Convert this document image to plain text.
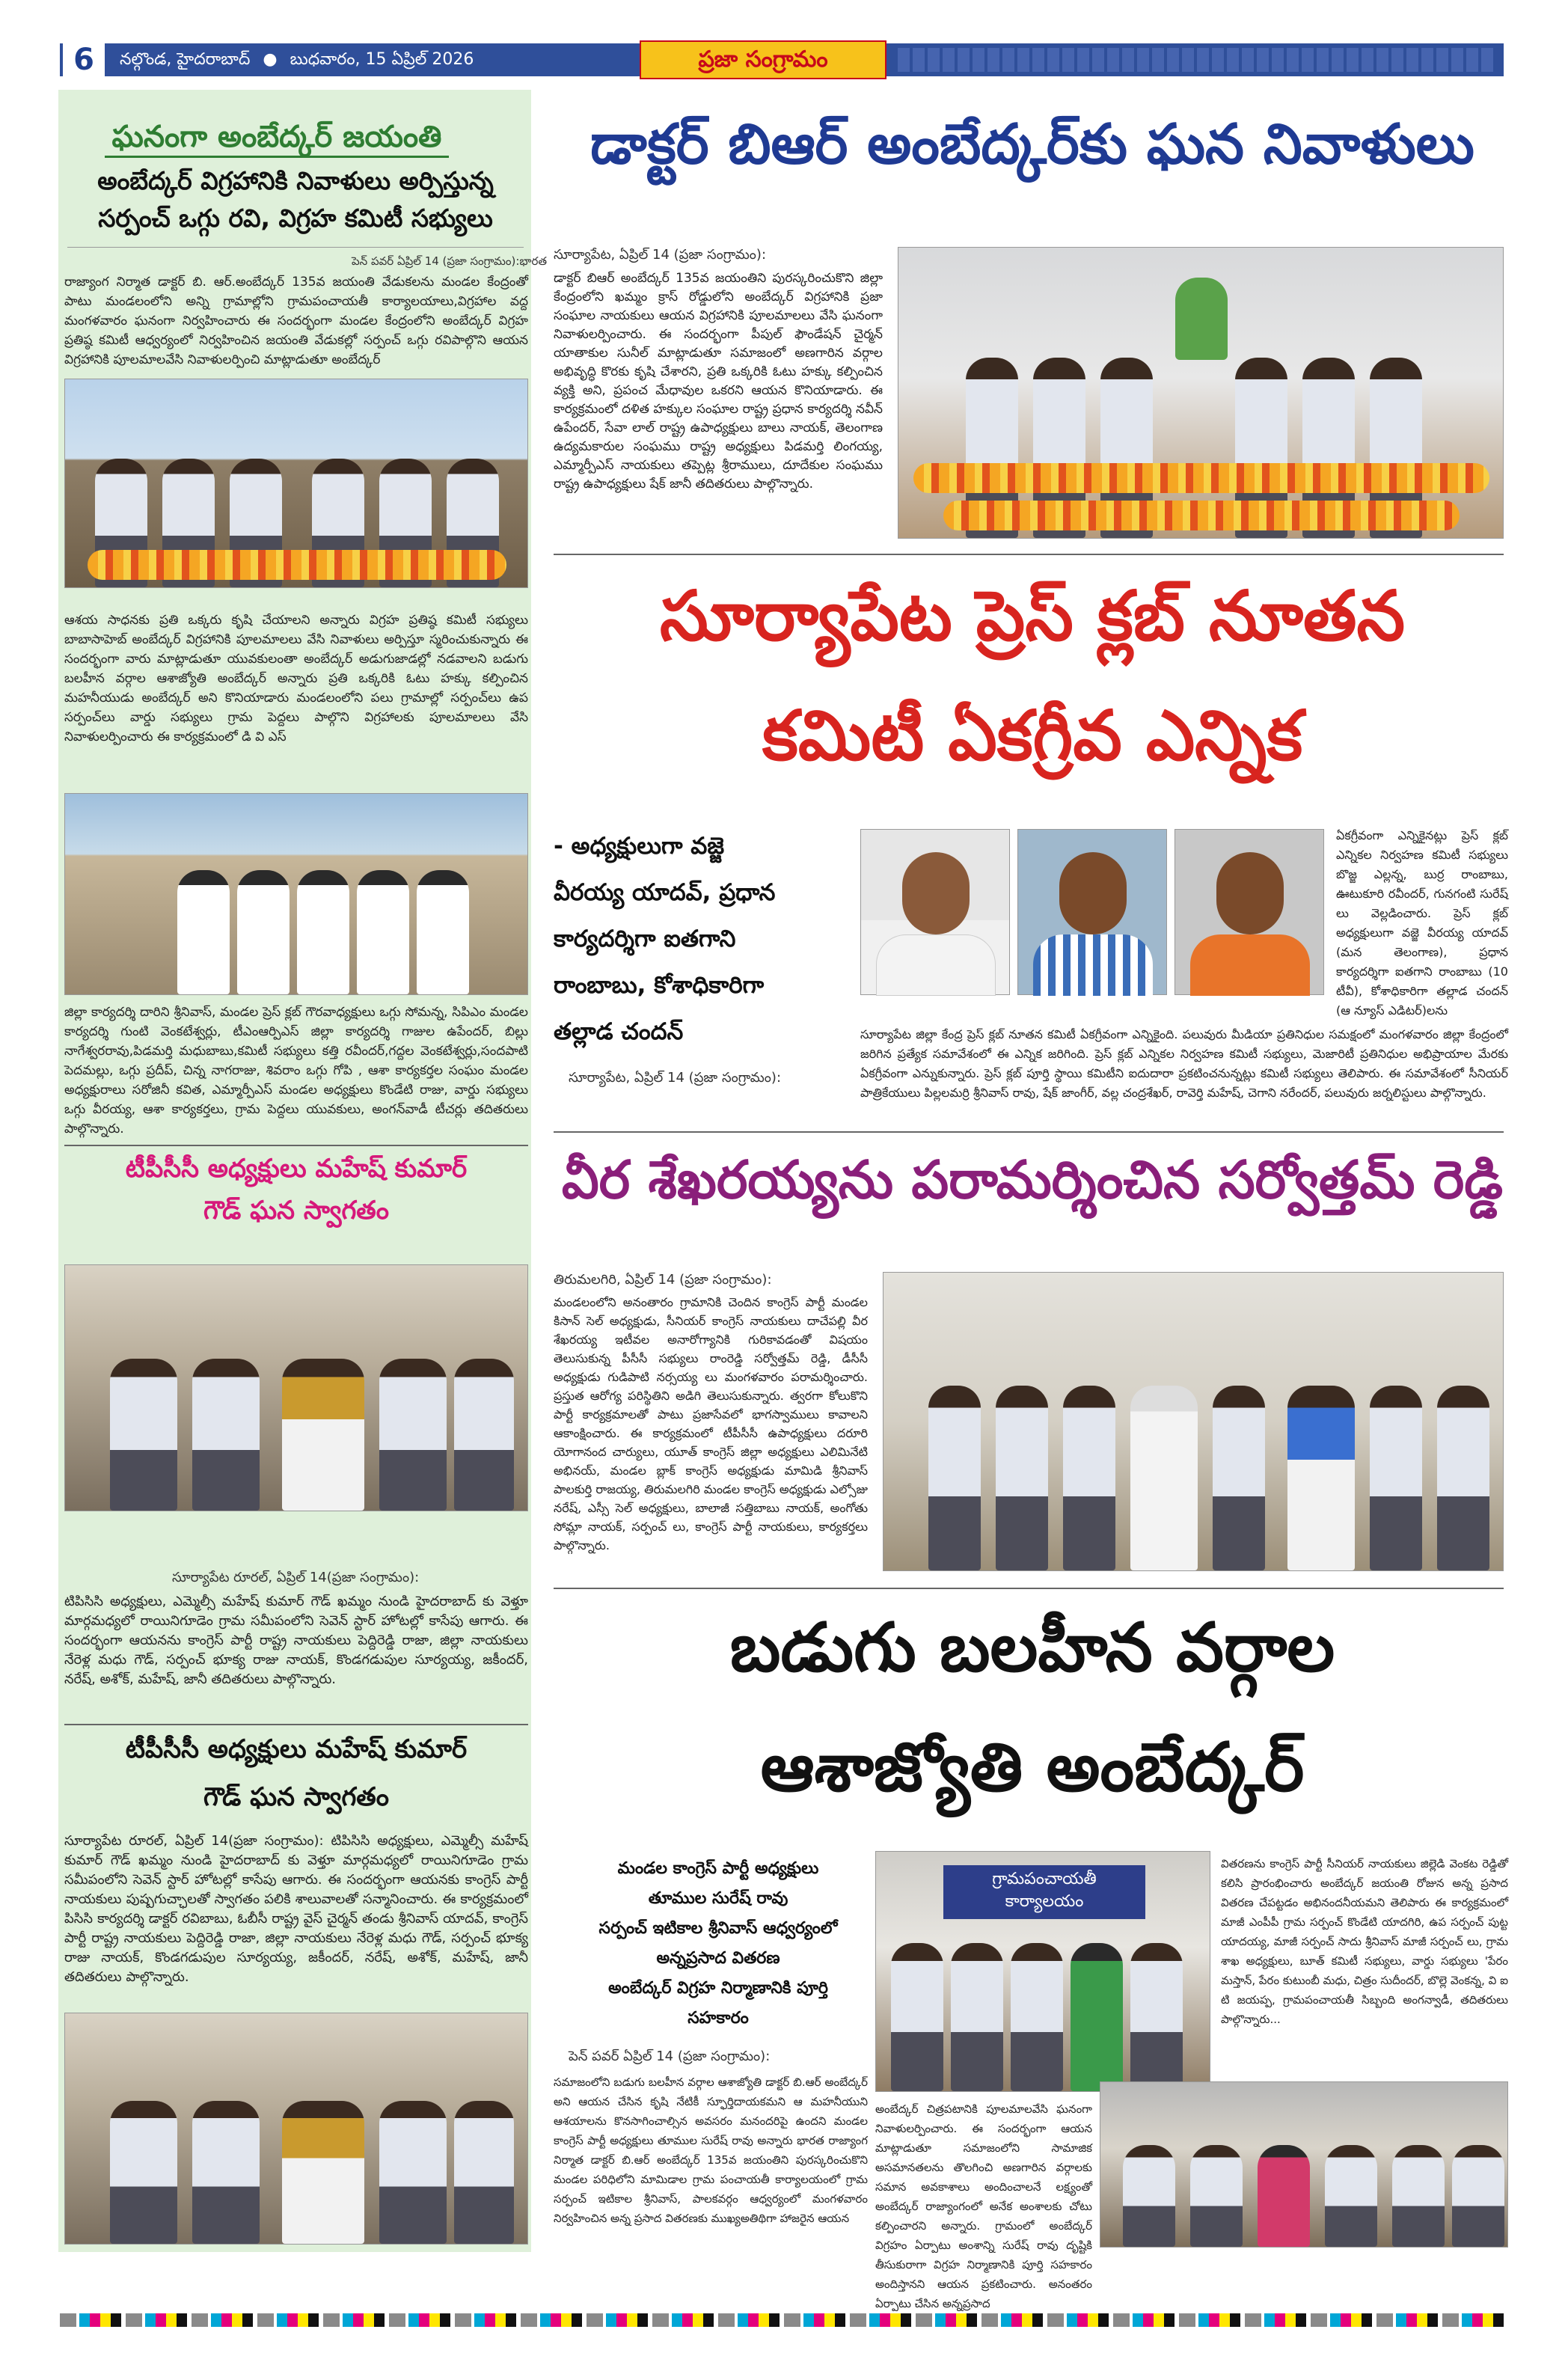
6	నల్గొండ, హైదరాబాద్ ● బుధవారం, 15 ఏప్రిల్ 2026	ప్రజా సంగ్రామం
ఘనంగా అంబేద్కర్ జయంతి
అంబేద్కర్ విగ్రహానికి నివాళులు అర్పిస్తున్న
సర్పంచ్ ఒగ్గు రవి, విగ్రహ కమిటీ సభ్యులు
పెన్ పవర్ ఏప్రిల్ 14 (ప్రజా సంగ్రామం):భారత
రాజ్యాంగ నిర్మాత డాక్టర్ బి. ఆర్.అంబేద్కర్ 135వ జయంతి వేడుకలను మండల కేంద్రంతో పాటు మండలంలోని అన్ని గ్రామాల్లోని గ్రామపంచాయతీ కార్యాలయాలు,విగ్రహాల వద్ద మంగళవారం ఘనంగా నిర్వహించారు ఈ సందర్భంగా మండల కేంద్రంలోని అంబేద్కర్ విగ్రహ ప్రతిష్ఠ కమిటీ ఆధ్వర్యంలో నిర్వహించిన జయంతి వేడుకల్లో సర్పంచ్ ఒగ్గు రవిపాల్గొని ఆయన విగ్రహానికి పూలమాలవేసి నివాళులర్పించి మాట్లాడుతూ అంబేద్కర్
ఆశయ సాధనకు ప్రతి ఒక్కరు కృషి చేయాలని అన్నారు విగ్రహ ప్రతిష్ఠ కమిటీ సభ్యులు బాబాసాహెబ్ అంబేద్కర్ విగ్రహానికి పూలమాలలు వేసి నివాళులు అర్పిస్తూ స్మరించుకున్నారు ఈ సందర్భంగా వారు మాట్లాడుతూ యువకులంతా అంబేద్కర్ అడుగుజాడల్లో నడవాలని బడుగు బలహీన వర్గాల ఆశాజ్యోతి అంబేద్కర్ అన్నారు ప్రతి ఒక్కరికి ఓటు హక్కు కల్పించిన మహనీయుడు అంబేద్కర్ అని కొనియాడారు మండలంలోని పలు గ్రామాల్లో సర్పంచ్‌లు ఉప సర్పంచ్‌లు వార్డు సభ్యులు గ్రామ పెద్దలు పాల్గొని విగ్రహాలకు పూలమాలలు వేసి నివాళులర్పించారు ఈ కార్యక్రమంలో డి వి ఎస్
జిల్లా కార్యదర్శి దారిని శ్రీనివాస్, మండల ప్రెస్ క్లబ్ గౌరవాధ్యక్షులు ఒగ్గు సోమన్న, సిపిఎం మండల కార్యదర్శి గుంటి వెంకటేశ్వర్లు, టీఎంఆర్పిఎస్ జిల్లా కార్యదర్శి గాజుల ఉపేందర్, బిల్లు నాగేశ్వరరావు,పిడమర్తి మధుబాబు,కమిటీ సభ్యులు కత్తి రవీందర్,గద్దల వెంకటేశ్వర్లు,సందపాటి పెదమల్లు, ఒగ్గు ప్రదీప్, చిన్న నాగరాజు, శివరాం ఒగ్గు గోపి , ఆశా కార్యకర్తల సంఘం మండల అధ్యక్షురాలు సరోజినీ కవిత, ఎమ్మార్పీఎస్ మండల అధ్యక్షులు కొండేటి రాజు, వార్డు సభ్యులు ఒగ్గు వీరయ్య, ఆశా కార్యకర్తలు, గ్రామ పెద్దలు యువకులు, అంగన్‌వాడీ టీచర్లు తదితరులు పాల్గొన్నారు.
టీపీసీసీ అధ్యక్షులు మహేష్ కుమార్
గౌడ్ ఘన స్వాగతం
సూర్యాపేట రూరల్, ఏప్రిల్ 14(ప్రజా సంగ్రామం):
టిపిసిసి అధ్యక్షులు, ఎమ్మెల్సీ మహేష్ కుమార్ గౌడ్ ఖమ్మం నుండి హైదరాబాద్ కు వెళ్తూ మార్గమధ్యలో రాయినిగూడెం గ్రామ సమీపంలోని సెవెన్ స్టార్ హోటల్లో కాసేపు ఆగారు. ఈ సందర్భంగా ఆయనను కాంగ్రెస్ పార్టీ రాష్ట్ర నాయకులు పెద్దిరెడ్డి రాజా, జిల్లా నాయకులు నేరెళ్ల మధు గౌడ్, సర్పంచ్ భూక్య రాజు నాయక్, కొండగడుపుల సూర్యయ్య, జకీందర్, నరేష్, అశోక్, మహేష్, జానీ తదితరులు పాల్గొన్నారు.
టీపీసీసీ అధ్యక్షులు మహేష్ కుమార్
గౌడ్ ఘన స్వాగతం
సూర్యాపేట రూరల్, ఏప్రిల్ 14(ప్రజా సంగ్రామం): టిపిసిసి అధ్యక్షులు, ఎమ్మెల్సీ మహేష్ కుమార్ గౌడ్ ఖమ్మం నుండి హైదరాబాద్ కు వెళ్తూ మార్గమధ్యలో రాయినిగూడెం గ్రామ సమీపంలోని సెవెన్ స్టార్ హోటల్లో కాసేపు ఆగారు. ఈ సందర్భంగా ఆయనకు కాంగ్రెస్ పార్టీ నాయకులు పుష్పగుచ్ఛాలతో స్వాగతం పలికి శాలువాలతో సన్మానించారు. ఈ కార్యక్రమంలో పిసిసి కార్యదర్శి డాక్టర్ రవిబాబు, ఓబీసీ రాష్ట్ర వైస్ చైర్మన్ తండు శ్రీనివాస్ యాదవ్, కాంగ్రెస్ పార్టీ రాష్ట్ర నాయకులు పెద్దిరెడ్డి రాజా, జిల్లా నాయకులు నేరెళ్ల మధు గౌడ్, సర్పంచ్ భూక్య రాజు నాయక్, కొండగడుపుల సూర్యయ్య, జకీందర్, నరేష్, అశోక్, మహేష్, జానీ తదితరులు పాల్గొన్నారు.
డాక్టర్ బిఆర్ అంబేద్కర్‌కు ఘన నివాళులు
సూర్యాపేట, ఏప్రిల్ 14 (ప్రజా సంగ్రామం):
డాక్టర్ బిఆర్ అంబేద్కర్ 135వ జయంతిని పురస్కరించుకొని జిల్లా కేంద్రంలోని ఖమ్మం క్రాస్ రోడ్డులోని అంబేద్కర్ విగ్రహానికి ప్రజా సంఘాల నాయకులు ఆయన విగ్రహానికి పూలమాలలు వేసి ఘనంగా నివాళులర్పించారు. ఈ సందర్భంగా పీపుల్ ఫౌండేషన్ చైర్మన్ యాతాకుల సునీల్ మాట్లాడుతూ సమాజంలో అణగారిన వర్గాల అభివృద్ధి కొరకు కృషి చేశారని, ప్రతి ఒక్కరికి ఓటు హక్కు కల్పించిన వ్యక్తి అని, ప్రపంచ మేధావుల ఒకరని ఆయన కొనియాడారు. ఈ కార్యక్రమంలో దళిత హక్కుల సంఘాల రాష్ట్ర ప్రధాన కార్యదర్శి నవీన్ ఉపేందర్, సేవా లాల్ రాష్ట్ర ఉపాధ్యక్షులు బాలు నాయక్, తెలంగాణ ఉద్యమకారుల సంఘము రాష్ట్ర అధ్యక్షులు పిడమర్తి లింగయ్య, ఎమ్మార్పీఎస్ నాయకులు తప్పెట్ల శ్రీరాములు, దూదేకుల సంఘము రాష్ట్ర ఉపాధ్యక్షులు షేక్ జానీ తదితరులు పాల్గొన్నారు.
సూర్యాపేట ప్రెస్ క్లబ్ నూతన
కమిటీ ఏకగ్రీవ ఎన్నిక
- అధ్యక్షులుగా వజ్జె
వీరయ్య యాదవ్, ప్రధాన
కార్యదర్శిగా ఐతగాని
రాంబాబు, కోశాధికారిగా
తల్లాడ చందన్
సూర్యాపేట, ఏప్రిల్ 14 (ప్రజా సంగ్రామం):
ఏకగ్రీవంగా ఎన్నికైనట్లు ప్రెస్ క్లబ్ ఎన్నికల నిర్వహణ కమిటీ సభ్యులు బొజ్జ ఎల్లన్న, బుర్ర రాంబాబు, ఊటుకూరి రవీందర్, గునగంటి సురేష్ లు వెల్లడించారు. ప్రెస్ క్లబ్ అధ్యక్షులుగా వజ్జె వీరయ్య యాదవ్ (మన తెలంగాణ), ప్రధాన కార్యదర్శిగా ఐతగాని రాంబాబు (10 టీవీ), కోశాధికారిగా తల్లాడ చందన్ (ఆ న్యూస్ ఎడిటర్)లను
సూర్యాపేట జిల్లా కేంద్ర ప్రెస్ క్లబ్ నూతన కమిటీ ఏకగ్రీవంగా ఎన్నికైంది. పలువురు మీడియా ప్రతినిధుల సమక్షంలో మంగళవారం జిల్లా కేంద్రంలో జరిగిన ప్రత్యేక సమావేశంలో ఈ ఎన్నిక జరిగింది. ప్రెస్ క్లబ్ ఎన్నికల నిర్వహణ కమిటీ సభ్యులు, మెజారిటీ ప్రతినిధుల అభిప్రాయాల మేరకు ఏకగ్రీవంగా ఎన్నుకున్నారు. ప్రెస్ క్లబ్ పూర్తి స్థాయి కమిటీని ఐదుదారా ప్రకటించనున్నట్లు కమిటీ సభ్యులు తెలిపారు. ఈ సమావేశంలో సీనియర్ పాత్రికేయులు పిల్లలమర్రి శ్రీనివాస్ రావు, షేక్ జాంగీర్, వల్ల చంద్రశేఖర్, రావెర్తి మహేష్, చెగాని నరేందర్, పలువురు జర్నలిస్టులు పాల్గొన్నారు.
వీర శేఖరయ్యను పరామర్శించిన సర్వోత్తమ్ రెడ్డి
తిరుమలగిరి, ఏప్రిల్ 14 (ప్రజా సంగ్రామం):
మండలంలోని అనంతారం గ్రామానికి చెందిన కాంగ్రెస్ పార్టీ మండల కిసాన్ సెల్ అధ్యక్షుడు, సీనియర్ కాంగ్రెస్ నాయకులు దాచేపల్లి వీర శేఖరయ్య ఇటీవల అనారోగ్యానికి గురికావడంతో విషయం తెలుసుకున్న పీసీసీ సభ్యులు రాంరెడ్డి సర్వోత్తమ్ రెడ్డి, డీసీసీ అధ్యక్షుడు గుడిపాటి నర్సయ్య లు మంగళవారం పరామర్శించారు. ప్రస్తుత ఆరోగ్య పరిస్థితిని అడిగి తెలుసుకున్నారు. త్వరగా కోలుకొని పార్టీ కార్యక్రమాలతో పాటు ప్రజాసేవలో భాగస్వాములు కావాలని ఆకాంక్షించారు. ఈ కార్యక్రమంలో టీపీసీసీ ఉపాధ్యక్షులు దరూరి యోగానంద చార్యులు, యూత్ కాంగ్రెస్ జిల్లా అధ్యక్షులు ఎలిమినేటి అభినయ్, మండల బ్లాక్ కాంగ్రెస్ అధ్యక్షుడు మామిడి శ్రీనివాస్ పాలకుర్తి రాజయ్య, తిరుమలగిరి మండల కాంగ్రెస్ అధ్యక్షుడు ఎల్సోజు నరేష్, ఎస్సీ సెల్ అధ్యక్షులు, బాలాజీ సత్తిబాబు నాయక్, అంగోతు సోమ్లా నాయక్, సర్పంచ్ లు, కాంగ్రెస్ పార్టీ నాయకులు, కార్యకర్తలు పాల్గొన్నారు.
బడుగు బలహీన వర్గాల
ఆశాజ్యోతి అంబేద్కర్
మండల కాంగ్రెస్ పార్టీ అధ్యక్షులు
తూముల సురేష్ రావు
సర్పంచ్ ఇటికాల శ్రీనివాస్ ఆధ్వర్యంలో
అన్నప్రసాద వితరణ
అంబేద్కర్ విగ్రహ నిర్మాణానికి పూర్తి
సహకారం
పెన్ పవర్ ఏప్రిల్ 14 (ప్రజా సంగ్రామం):
సమాజంలోని బడుగు బలహీన వర్గాల ఆశాజ్యోతి డాక్టర్ బి.ఆర్ అంబేద్కర్ అని ఆయన చేసిన కృషి నేటికీ స్ఫూర్తిదాయకమని ఆ మహనీయుని ఆశయాలను కొనసాగించాల్సిన అవసరం మనందరిపై ఉందని మండల కాంగ్రెస్ పార్టీ అధ్యక్షులు తూముల సురేష్ రావు అన్నారు భారత రాజ్యాంగ నిర్మాత డాక్టర్ బి.ఆర్ అంబేద్కర్ 135వ జయంతిని పురస్కరించుకొని మండల పరిధిలోని మామిడాల గ్రామ పంచాయతీ కార్యాలయంలో గ్రామ సర్పంచ్ ఇటికాల శ్రీనివాస్, పాలకవర్గం ఆధ్వర్యంలో మంగళవారం నిర్వహించిన అన్న ప్రసాద వితరణకు ముఖ్యఅతిథిగా హాజరైన ఆయన
గ్రామపంచాయతీ కార్యాలయం
వితరణను కాంగ్రెస్ పార్టీ సీనియర్ నాయకులు జిల్లెడి వెంకట రెడ్డితో కలిసి ప్రారంభించారు అంబేద్కర్ జయంతి రోజున అన్న ప్రసాద వితరణ చేపట్టడం అభినందనీయమని తెలిపారు ఈ కార్యక్రమంలో మాజీ ఎంపీపీ గ్రామ సర్పంచ్ కొండేటి యాదగిరి, ఉప సర్పంచ్ పుట్ట యాదయ్య, మాజీ సర్పంచ్ సాదు శ్రీనివాస్ మాజీ సర్పంచ్ లు, గ్రామ శాఖ అధ్యక్షులు, బూత్ కమిటీ సభ్యులు, వార్డు సభ్యులు 'పేరం మస్తాన్, పేరం కుటుంబీ మధు, చిత్రం సుదీందర్, బొల్లె వెంకన్న, వి ఐ టి జయప్ప, గ్రామపంచాయతీ సిబ్బంది అంగన్వాడీ, తదితరులు పాల్గొన్నారు...
అంబేద్కర్ చిత్రపటానికి పూలమాలవేసి ఘనంగా నివాళులర్పించారు. ఈ సందర్భంగా ఆయన మాట్లాడుతూ సమాజంలోని సామాజిక అసమానతలను తొలగించి అణగారిన వర్గాలకు సమాన అవకాశాలు అందించాలనే లక్ష్యంతో అంబేద్కర్ రాజ్యాంగంలో అనేక అంశాలకు చోటు కల్పించారని అన్నారు. గ్రామంలో అంబేద్కర్ విగ్రహం ఏర్పాటు అంశాన్ని సురేష్ రావు దృష్టికి తీసుకురాగా విగ్రహ నిర్మాణానికి పూర్తి సహకారం అందిస్తానని ఆయన ప్రకటించారు. అనంతరం ఏర్పాటు చేసిన అన్నప్రసాద
